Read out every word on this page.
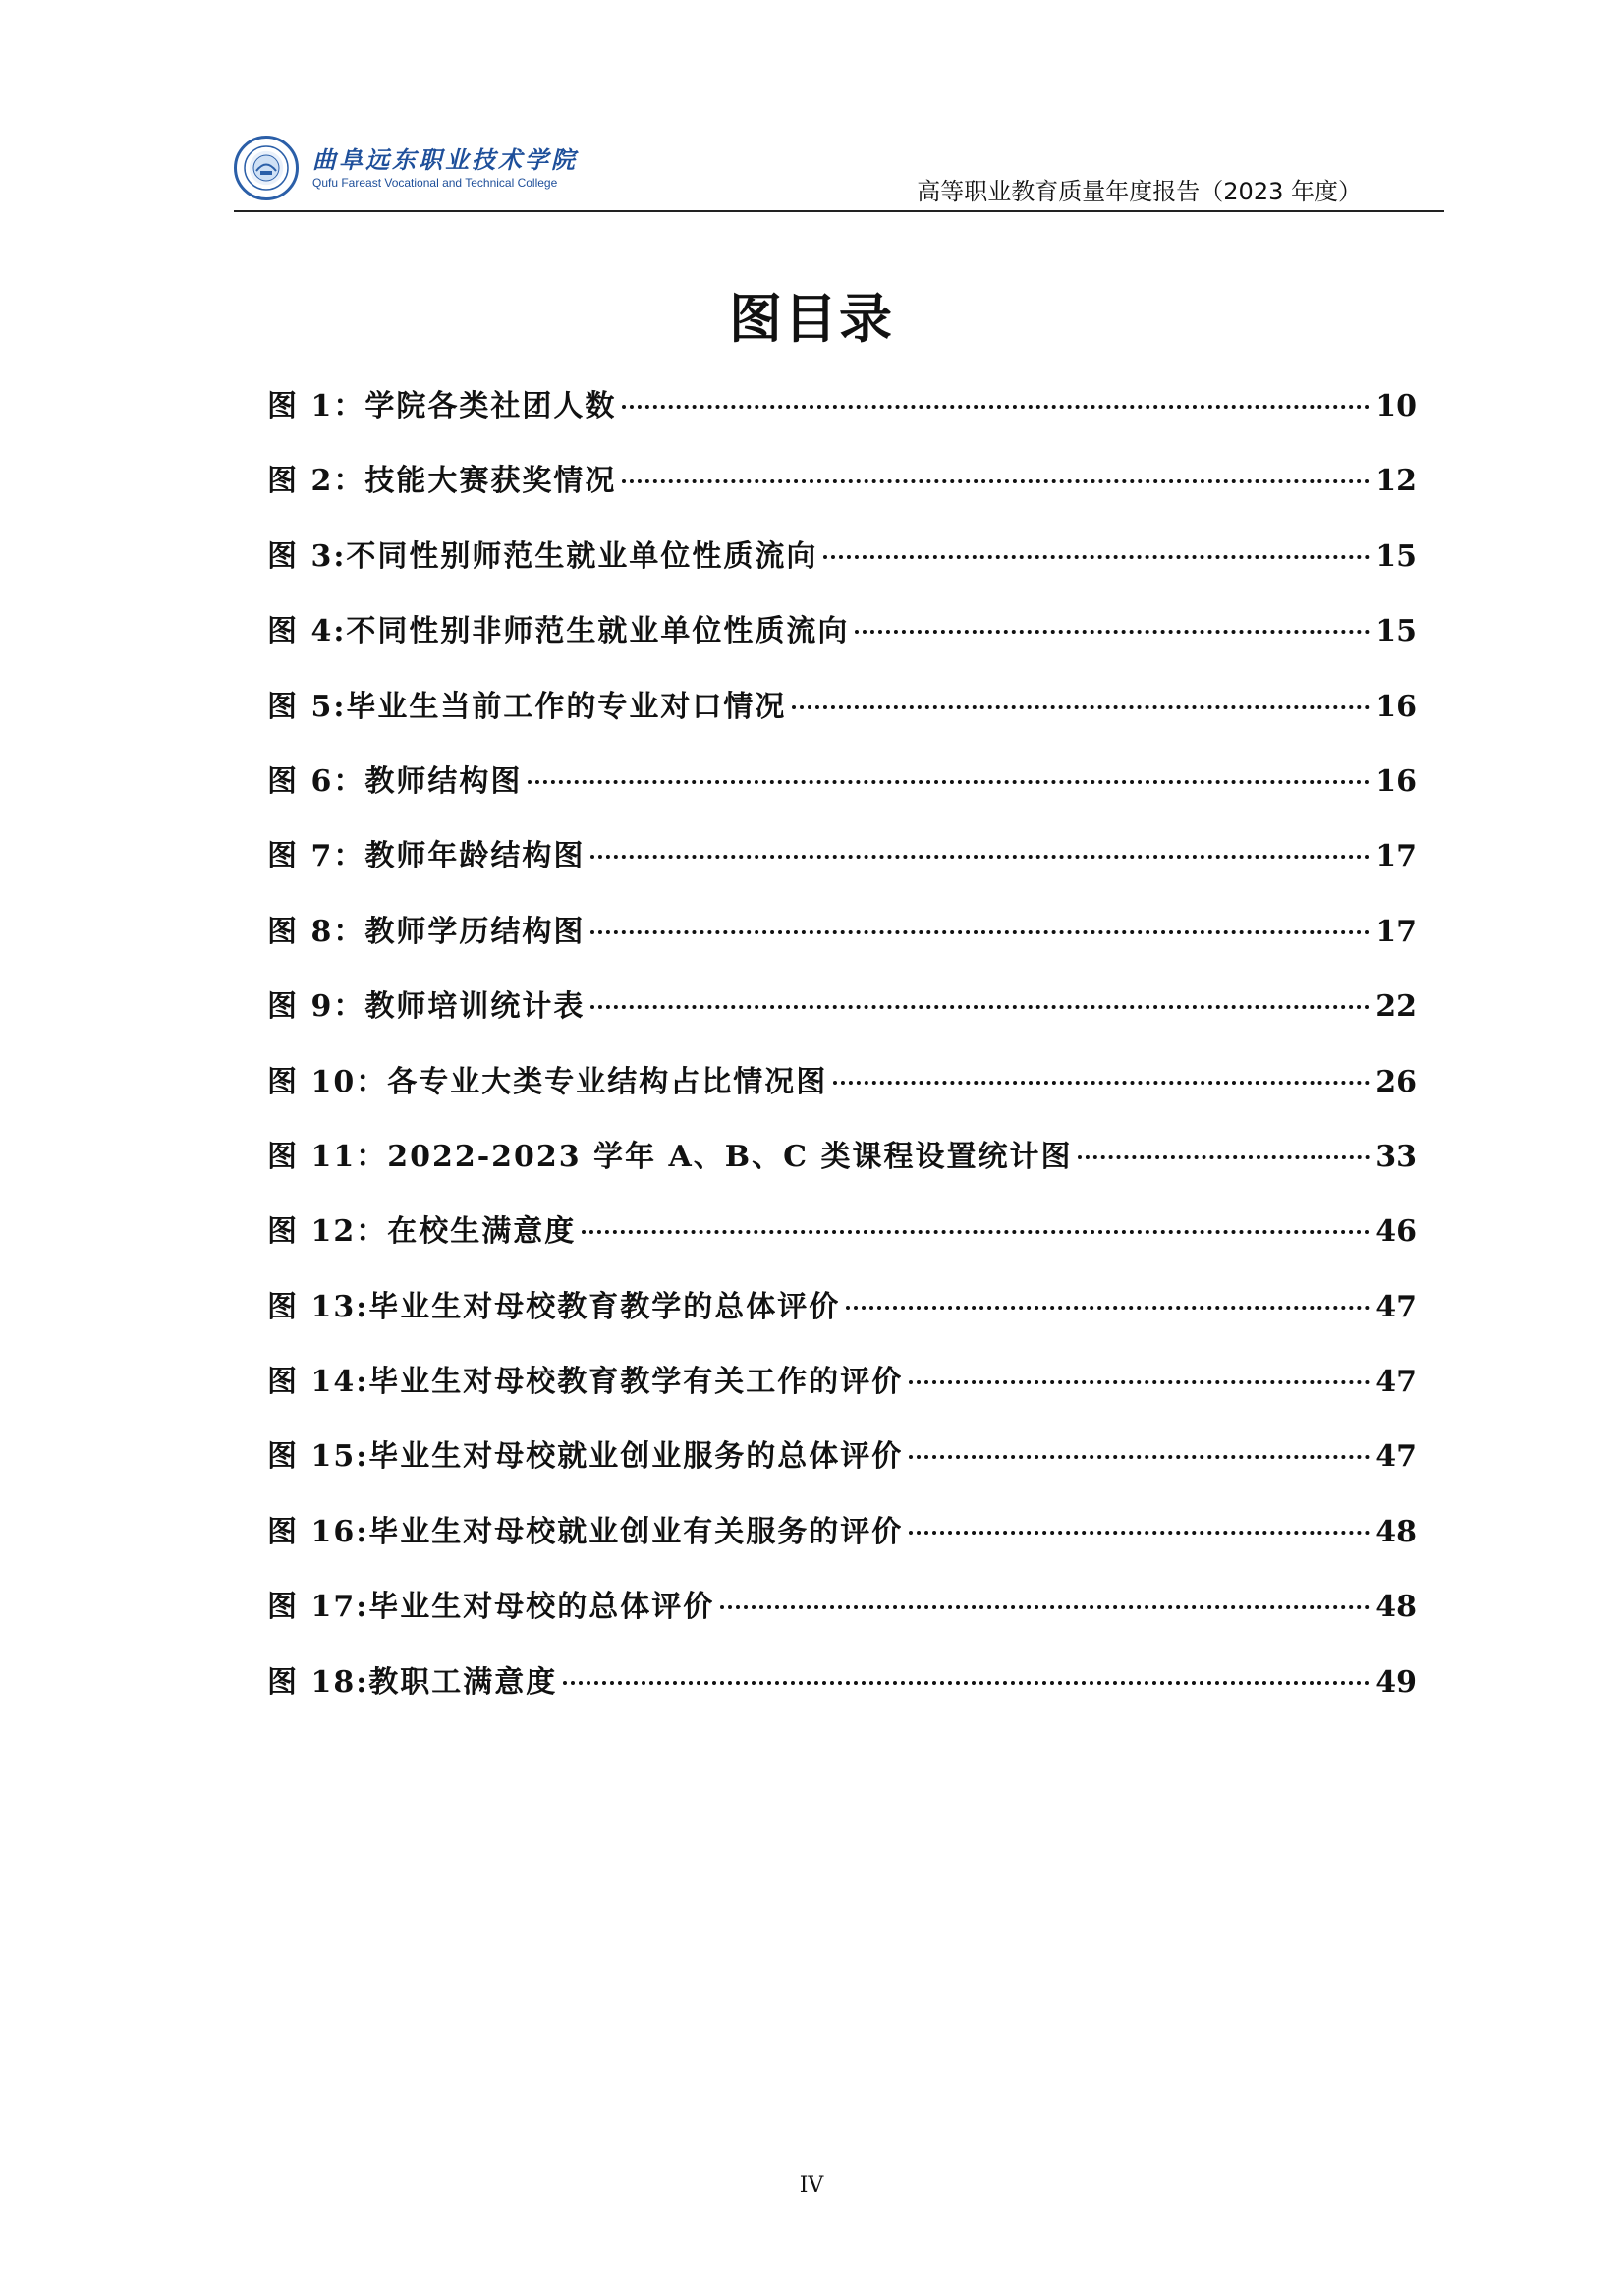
曲阜远东职业技术学院
Qufu Fareast Vocational and Technical College	高等职业教育质量年度报告（2023 年度）
图目录
图 1：学院各类社团人数	10
图 2：技能大赛获奖情况	12
图 3:不同性别师范生就业单位性质流向	15
图 4:不同性别非师范生就业单位性质流向	15
图 5:毕业生当前工作的专业对口情况	16
图 6：教师结构图	16
图 7：教师年龄结构图	17
图 8：教师学历结构图	17
图 9：教师培训统计表	22
图 10：各专业大类专业结构占比情况图	26
图 11：2022-2023 学年 A、B、C 类课程设置统计图	33
图 12：在校生满意度	46
图 13:毕业生对母校教育教学的总体评价	47
图 14:毕业生对母校教育教学有关工作的评价	47
图 15:毕业生对母校就业创业服务的总体评价	47
图 16:毕业生对母校就业创业有关服务的评价	48
图 17:毕业生对母校的总体评价	48
图 18:教职工满意度	49
IV
